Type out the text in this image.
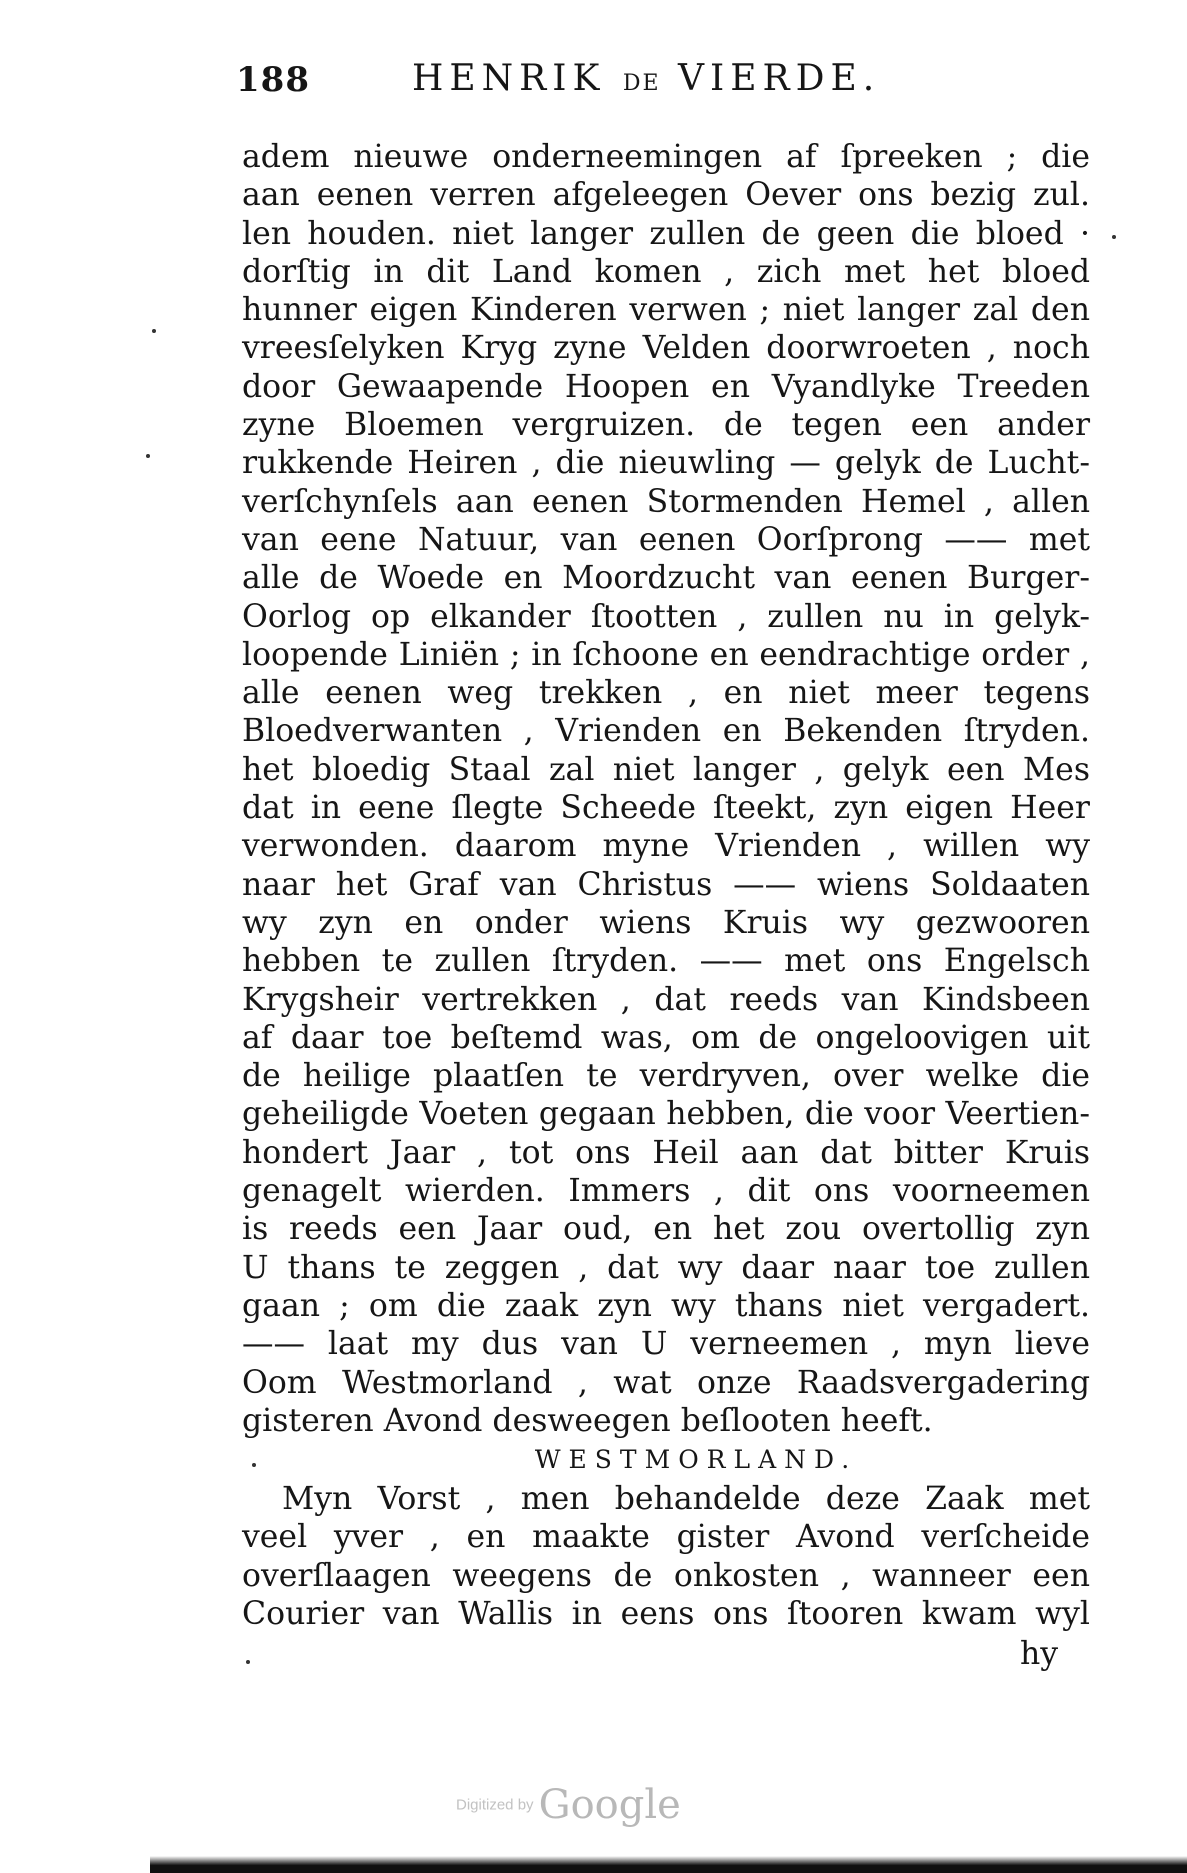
188	HENRIK DE VIERDE.
adem nieuwe onderneemingen af ſpreeken ; die
aan eenen verren afgeleegen Oever ons bezig zul.
len houden. niet langer zullen de geen die bloed ·
dorſtig in dit Land komen , zich met het bloed
hunner eigen Kinderen verwen ; niet langer zal den
vreesſelyken Kryg zyne Velden doorwroeten , noch
door Gewaapende Hoopen en Vyandlyke Treeden
zyne Bloemen vergruizen. de tegen een ander
rukkende Heiren , die nieuwling — gelyk de Lucht-
verſchynſels aan eenen Stormenden Hemel , allen
van eene Natuur, van eenen Oorſprong —— met
alle de Woede en Moordzucht van eenen Burger-
Oorlog op elkander ſtootten , zullen nu in gelyk-
loopende Liniën ; in ſchoone en eendrachtige order ,
alle eenen weg trekken , en niet meer tegens
Bloedverwanten , Vrienden en Bekenden ſtryden.
het bloedig Staal zal niet langer , gelyk een Mes
dat in eene ſlegte Scheede ſteekt, zyn eigen Heer
verwonden. daarom myne Vrienden , willen wy
naar het Graf van Christus —— wiens Soldaaten
wy zyn en onder wiens Kruis wy gezwooren
hebben te zullen ſtryden. —— met ons Engelsch
Krygsheir vertrekken , dat reeds van Kindsbeen
af daar toe beſtemd was, om de ongeloovigen uit
de heilige plaatſen te verdryven, over welke die
geheiligde Voeten gegaan hebben, die voor Veertien-
hondert Jaar , tot ons Heil aan dat bitter Kruis
genagelt wierden. Immers , dit ons voorneemen
is reeds een Jaar oud, en het zou overtollig zyn
U thans te zeggen , dat wy daar naar toe zullen
gaan ; om die zaak zyn wy thans niet vergadert.
—— laat my dus van U verneemen , myn lieve
Oom Westmorland , wat onze Raadsvergadering
gisteren Avond desweegen beſlooten heeft.
WESTMORLAND.
Myn Vorst , men behandelde deze Zaak met
veel yver , en maakte gister Avond verſcheide
overſlaagen weegens de onkosten , wanneer een
Courier van Wallis in eens ons ſtooren kwam wyl
hy
Digitized by Google
